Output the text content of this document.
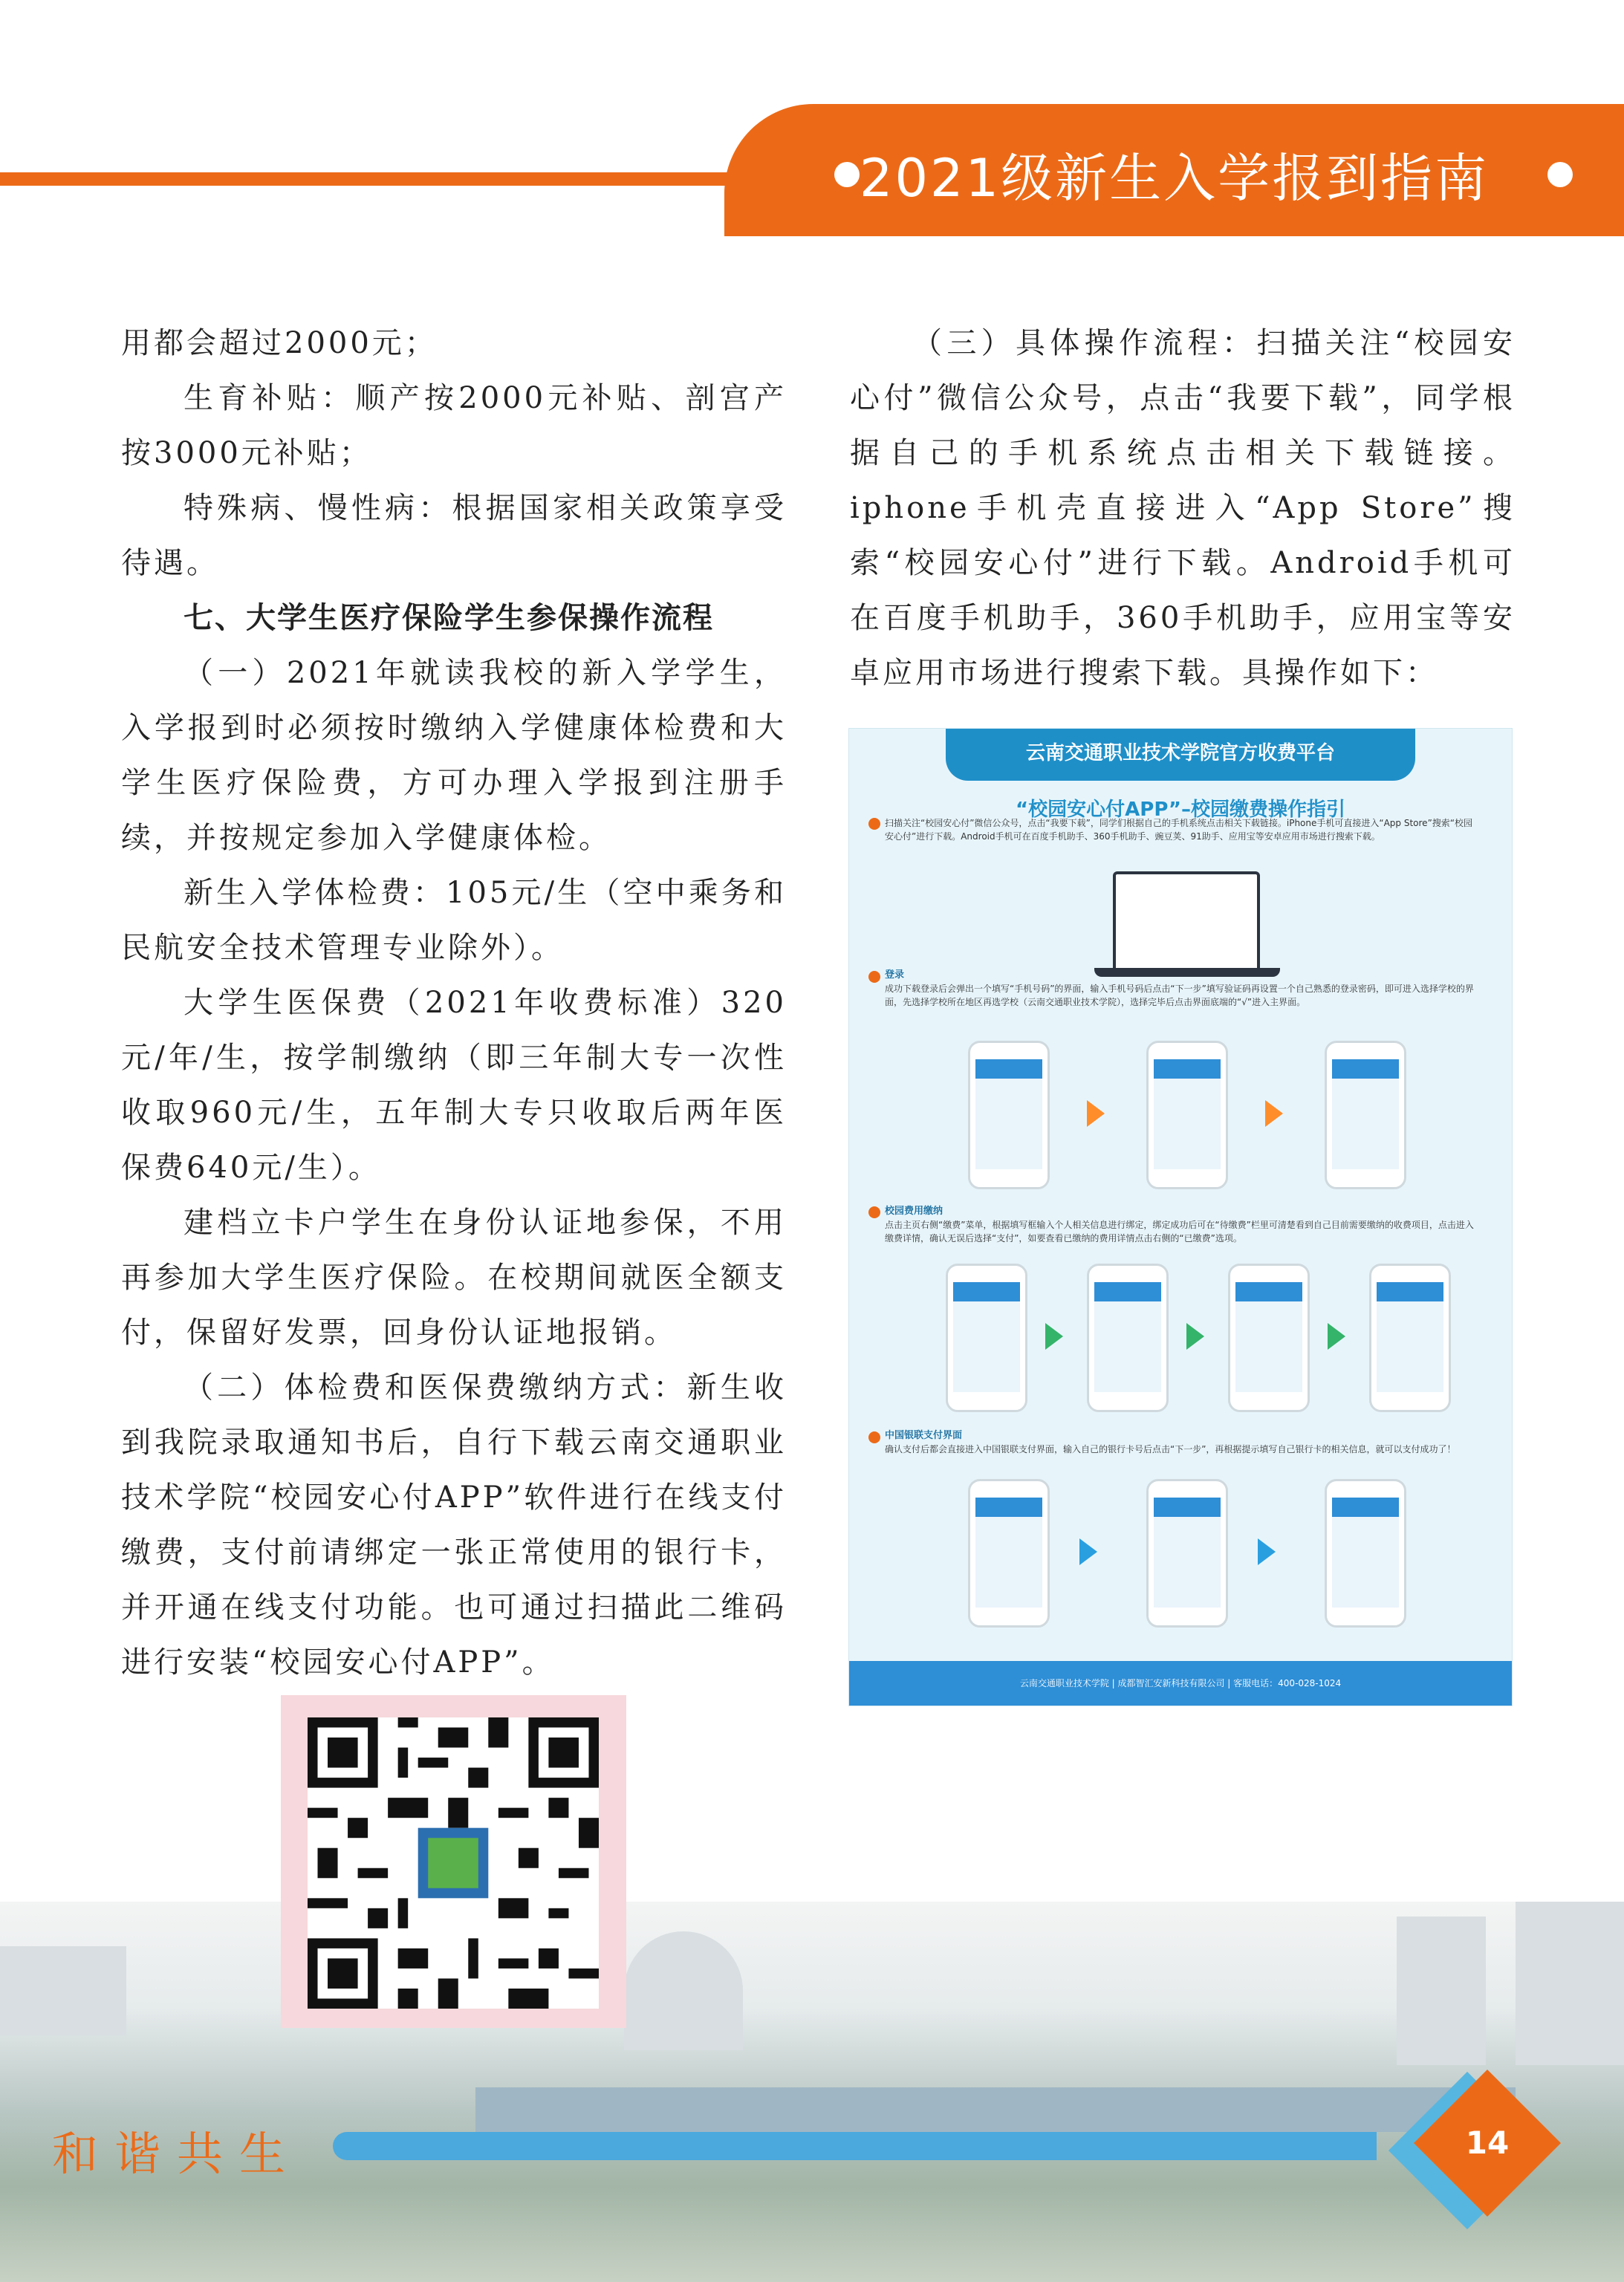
2021级新生入学报到指南

用都会超过2000元；

生育补贴：顺产按2000元补贴、剖宫产按3000元补贴；

特殊病、慢性病：根据国家相关政策享受待遇。

七、大学生医疗保险学生参保操作流程

（一）2021年就读我校的新入学学生，入学报到时必须按时缴纳入学健康体检费和大学生医疗保险费，方可办理入学报到注册手续，并按规定参加入学健康体检。

新生入学体检费：105元/生（空中乘务和民航安全技术管理专业除外）。

大学生医保费（2021年收费标准）320元/年/生，按学制缴纳（即三年制大专一次性收取960元/生，五年制大专只收取后两年医保费640元/生）。

建档立卡户学生在身份认证地参保，不用再参加大学生医疗保险。在校期间就医全额支付，保留好发票，回身份认证地报销。

（二）体检费和医保费缴纳方式：新生收到我院录取通知书后，自行下载云南交通职业技术学院“校园安心付APP”软件进行在线支付缴费，支付前请绑定一张正常使用的银行卡，并开通在线支付功能。也可通过扫描此二维码进行安装“校园安心付APP”。

（三）具体操作流程：扫描关注“校园安心付”微信公众号，点击“我要下载”，同学根据自己的手机系统点击相关下载链接。iphone手机壳直接进入“App Store”搜索“校园安心付”进行下载。Android手机可在百度手机助手，360手机助手，应用宝等安卓应用市场进行搜索下载。具操作如下：

云南交通职业技术学院官方收费平台
“校园安心付APP”–校园缴费操作指引
扫描关注“校园安心付”微信公众号，点击“我要下载”，同学们根据自己的手机系统点击相关下载链接。iPhone手机可直接进入“App Store”搜索“校园安心付”进行下载。Android手机可在百度手机助手、360手机助手、豌豆荚、91助手、应用宝等安卓应用市场进行搜索下载。
登录
成功下载登录后会弹出一个填写“手机号码”的界面，输入手机号码后点击“下一步”填写验证码再设置一个自己熟悉的登录密码，即可进入选择学校的界面，先选择学校所在地区再选学校（云南交通职业技术学院），选择完毕后点击界面底端的“√”进入主界面。
校园费用缴纳
点击主页右侧“缴费”菜单，根据填写框输入个人相关信息进行绑定，绑定成功后可在“待缴费”栏里可清楚看到自己目前需要缴纳的收费项目，点击进入缴费详情，确认无误后选择“支付”，如要查看已缴纳的费用详情点击右侧的“已缴费”选项。
中国银联支付界面
确认支付后都会直接进入中国银联支付界面，输入自己的银行卡号后点击“下一步”，再根据提示填写自己银行卡的相关信息，就可以支付成功了！
云南交通职业技术学院 | 成都智汇安新科技有限公司 | 客服电话：400-028-1024
和谐共生	14
